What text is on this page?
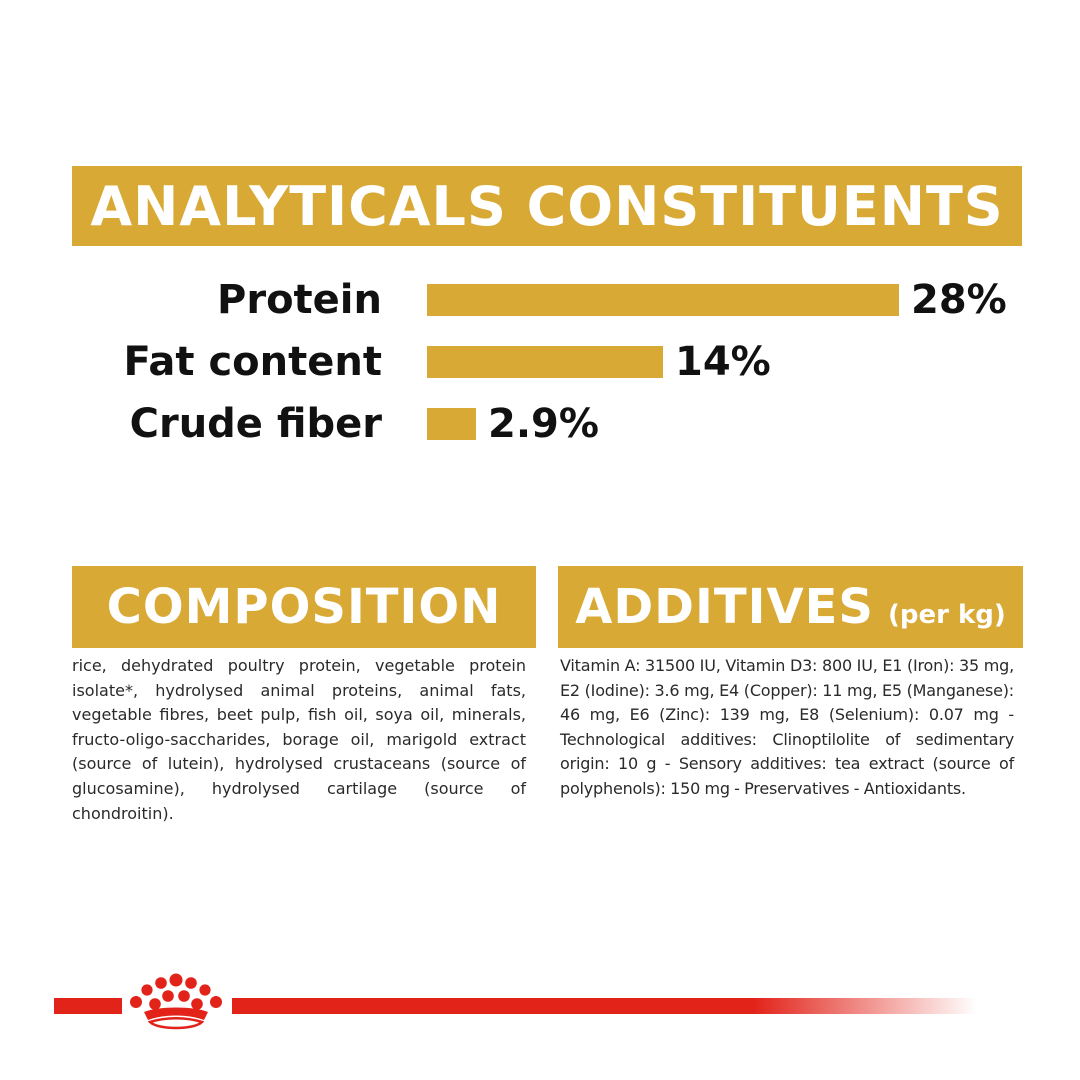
ANALYTICALS CONSTITUENTS
Protein	28%
Fat content	14%
Crude fiber	2.9%
COMPOSITION
rice, dehydrated poultry protein, vegetable protein isolate*, hydrolysed animal proteins, animal fats, vegetable fibres, beet pulp, fish oil, soya oil, minerals, fructo-oligo-saccharides, borage oil, marigold extract (source of lutein), hydrolysed crustaceans (source of glucosamine), hydrolysed cartilage (source of chondroitin).
ADDITIVES (per kg)
Vitamin A: 31500 IU, Vitamin D3: 800 IU, E1 (Iron): 35 mg, E2 (Iodine): 3.6 mg, E4 (Copper): 11 mg, E5 (Manganese): 46 mg, E6 (Zinc): 139 mg, E8 (Selenium): 0.07 mg - Technological additives: Clinoptilolite of sedimentary origin: 10 g - Sensory additives: tea extract (source of polyphenols): 150 mg - Preservatives - Antioxidants.
